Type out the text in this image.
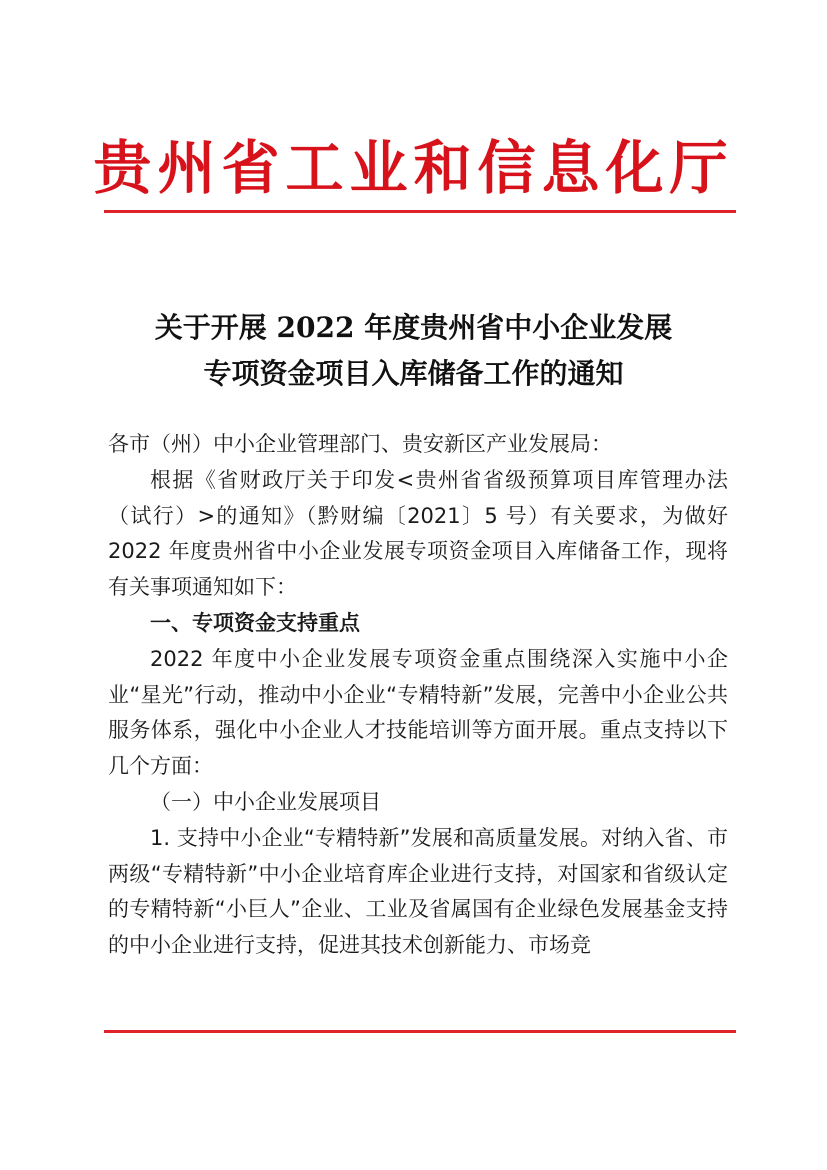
贵州省工业和信息化厅
关于开展 2022 年度贵州省中小企业发展
专项资金项目入库储备工作的通知

各市（州）中小企业管理部门、贵安新区产业发展局：

根据《省财政厅关于印发<贵州省省级预算项目库管理办法（试行）>的通知》（黔财编〔2021〕5 号）有关要求，为做好 2022 年度贵州省中小企业发展专项资金项目入库储备工作，现将有关事项通知如下：

一、专项资金支持重点

2022 年度中小企业发展专项资金重点围绕深入实施中小企业“星光”行动，推动中小企业“专精特新”发展，完善中小企业公共服务体系，强化中小企业人才技能培训等方面开展。重点支持以下几个方面：

（一）中小企业发展项目

1. 支持中小企业“专精特新”发展和高质量发展。对纳入省、市两级“专精特新”中小企业培育库企业进行支持，对国家和省级认定的专精特新“小巨人”企业、工业及省属国有企业绿色发展基金支持的中小企业进行支持，促进其技术创新能力、市场竞
